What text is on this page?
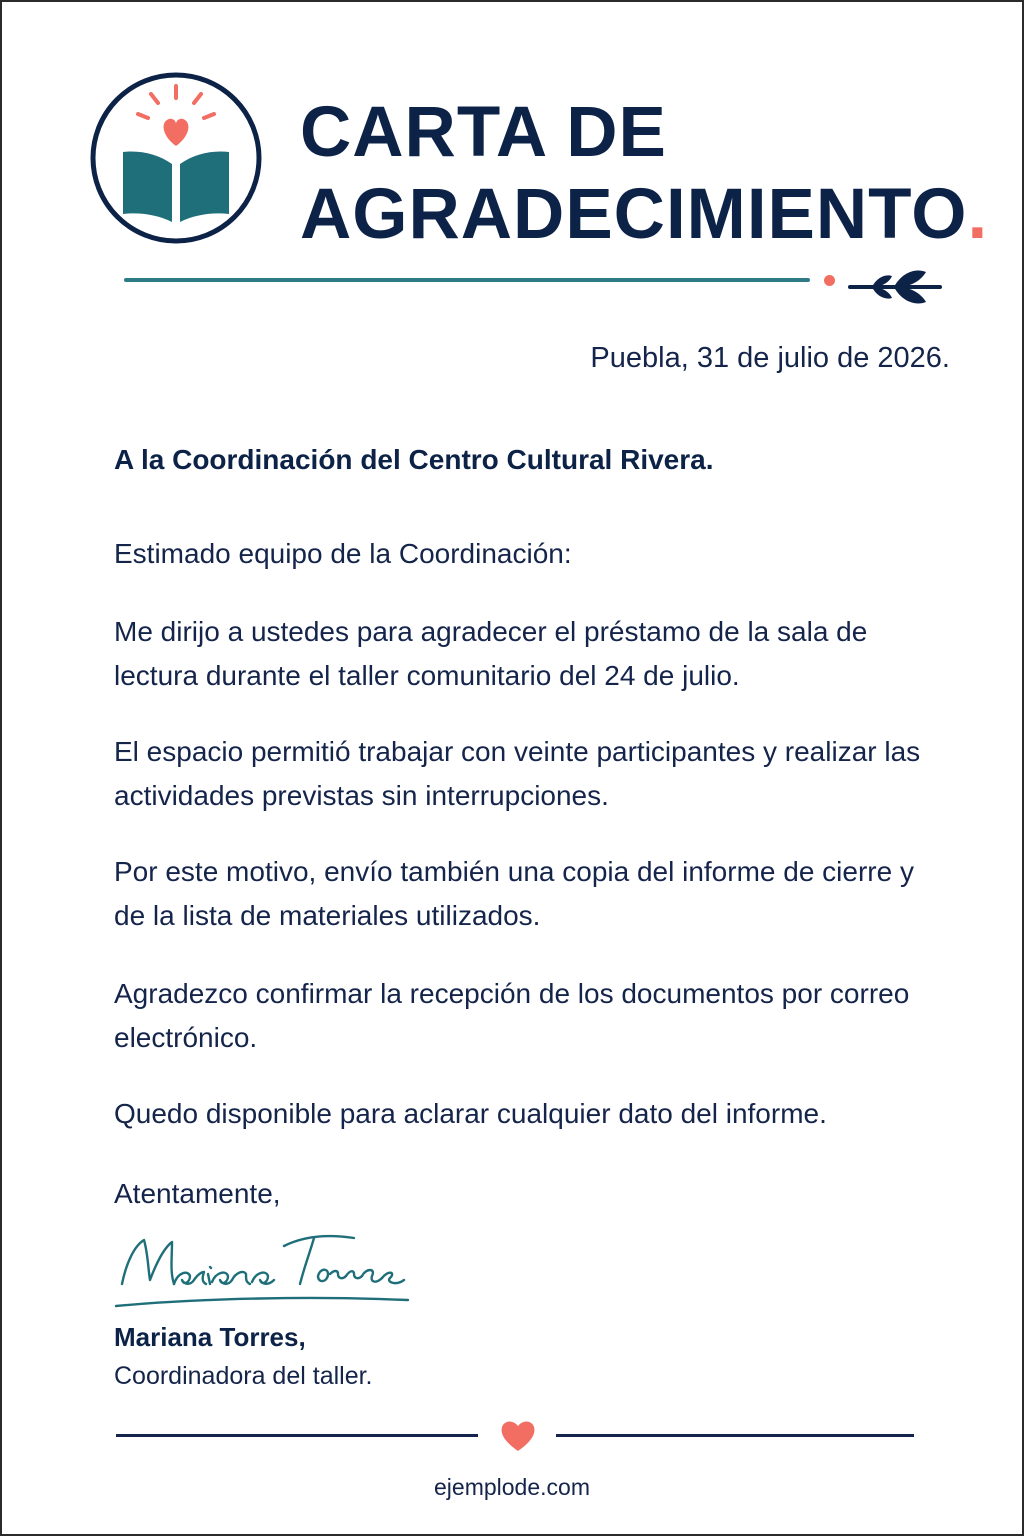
CARTA DE
AGRADECIMIENTO.
Puebla, 31 de julio de 2026.
A la Coordinación del Centro Cultural Rivera.

Estimado equipo de la Coordinación:

Me dirijo a ustedes para agradecer el préstamo de la sala de lectura durante el taller comunitario del 24 de julio.

El espacio permitió trabajar con veinte participantes y realizar las actividades previstas sin interrupciones.

Por este motivo, envío también una copia del informe de cierre y de la lista de materiales utilizados.

Agradezco confirmar la recepción de los documentos por correo electrónico.

Quedo disponible para aclarar cualquier dato del informe.

Atentamente,

Mariana Torres,
Coordinadora del taller.
ejemplode.com
